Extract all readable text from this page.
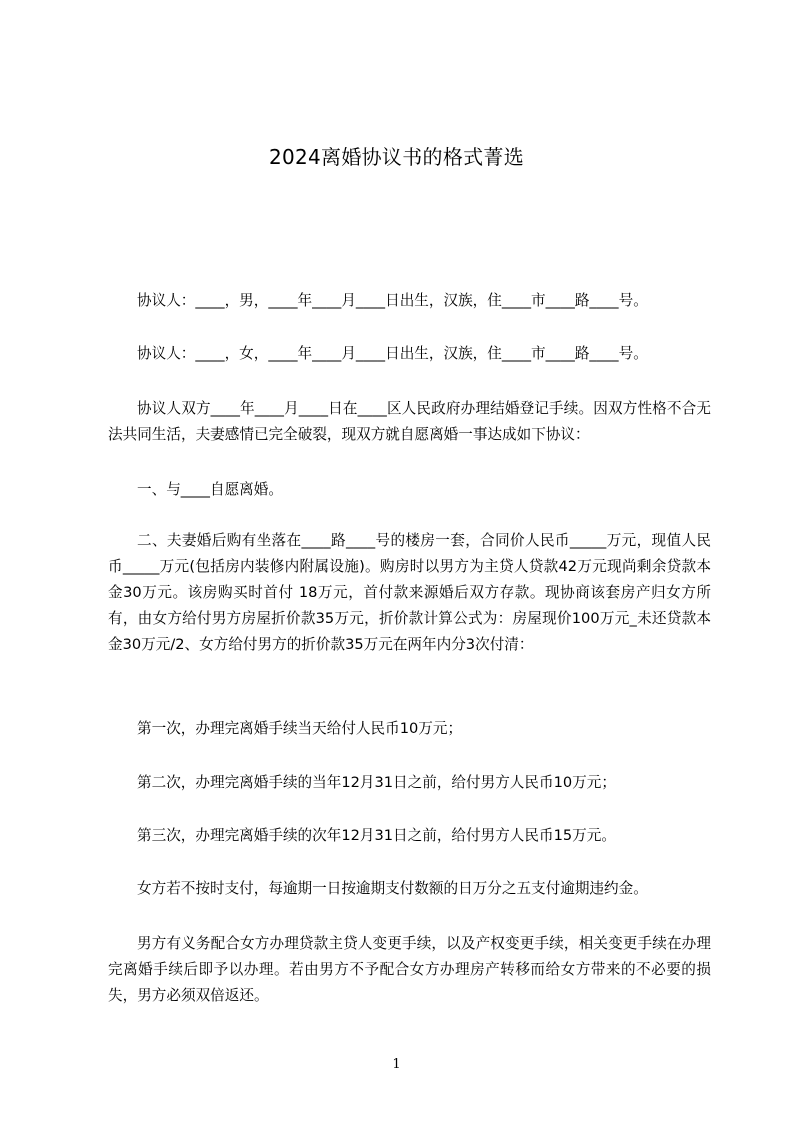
2024离婚协议书的格式菁选

协议人：____，男，____年____月____日出生，汉族，住____市____路____号。

协议人：____，女，____年____月____日出生，汉族，住____市____路____号。

协议人双方____年____月____日在____区人民政府办理结婚登记手续。因双方性格不合无法共同生活，夫妻感情已完全破裂，现双方就自愿离婚一事达成如下协议：

一、与____自愿离婚。

二、夫妻婚后购有坐落在____路____号的楼房一套，合同价人民币_____万元，现值人民币_____万元(包括房内装修内附属设施)。购房时以男方为主贷人贷款42万元现尚剩余贷款本金30万元。该房购买时首付 18万元，首付款来源婚后双方存款。现协商该套房产归女方所有，由女方给付男方房屋折价款35万元，折价款计算公式为：房屋现价100万元_未还贷款本金30万元/2、女方给付男方的折价款35万元在两年内分3次付清：

第一次，办理完离婚手续当天给付人民币10万元；

第二次，办理完离婚手续的当年12月31日之前，给付男方人民币10万元；

第三次，办理完离婚手续的次年12月31日之前，给付男方人民币15万元。

女方若不按时支付，每逾期一日按逾期支付数额的日万分之五支付逾期违约金。

男方有义务配合女方办理贷款主贷人变更手续，以及产权变更手续，相关变更手续在办理完离婚手续后即予以办理。若由男方不予配合女方办理房产转移而给女方带来的不必要的损失，男方必须双倍返还。

1
